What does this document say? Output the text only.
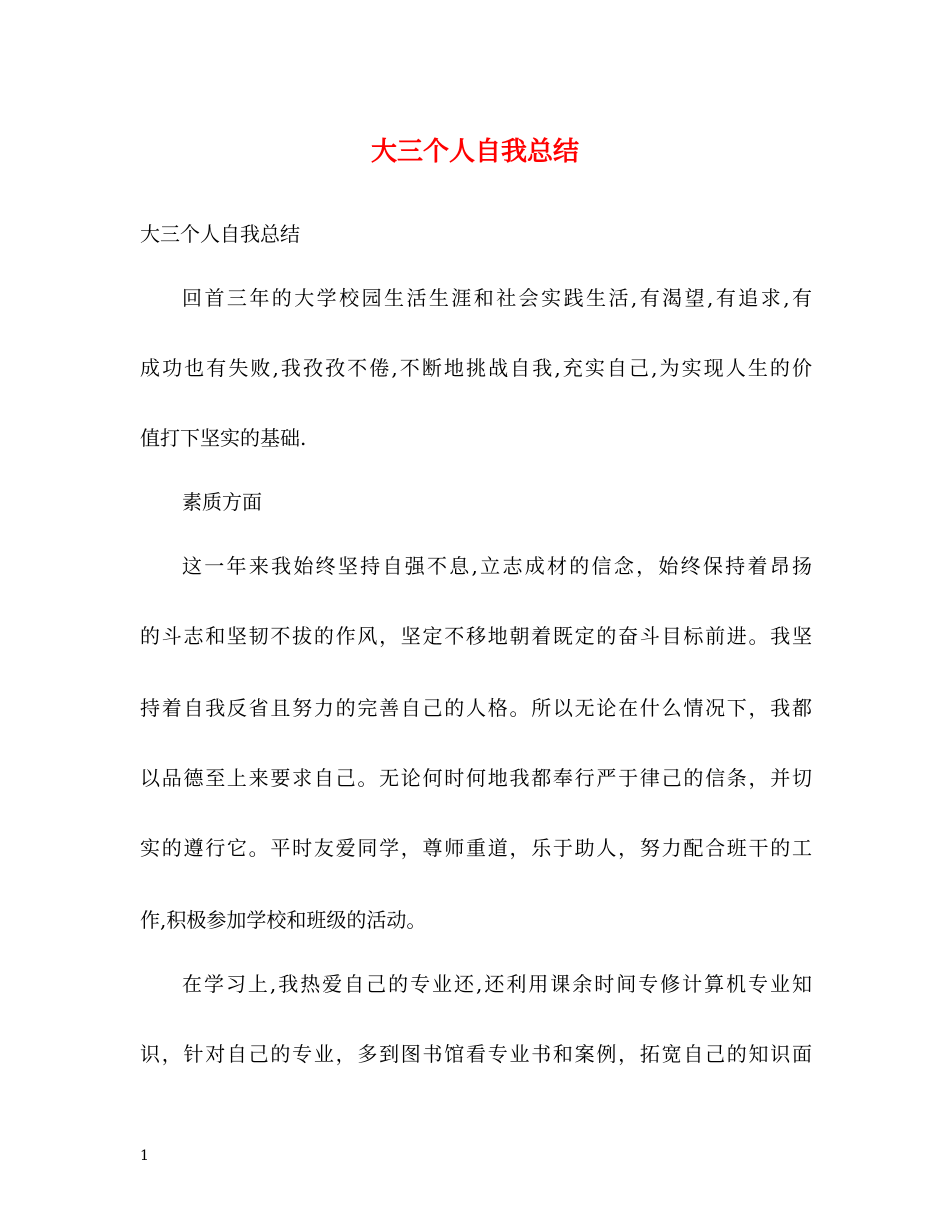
大三个人自我总结
大三个人自我总结
回首三年的大学校园生活生涯和社会实践生活,有渴望,有追求,有
成功也有失败,我孜孜不倦,不断地挑战自我,充实自己,为实现人生的价
值打下坚实的基础.
素质方面
这一年来我始终坚持自强不息,立志成材的信念，始终保持着昂扬
的斗志和坚韧不拔的作风，坚定不移地朝着既定的奋斗目标前进。我坚
持着自我反省且努力的完善自己的人格。所以无论在什么情况下，我都
以品德至上来要求自己。无论何时何地我都奉行严于律己的信条，并切
实的遵行它。平时友爱同学，尊师重道，乐于助人，努力配合班干的工
作,积极参加学校和班级的活动。
在学习上,我热爱自己的专业还,还利用课余时间专修计算机专业知
识，针对自己的专业，多到图书馆看专业书和案例，拓宽自己的知识面
1
